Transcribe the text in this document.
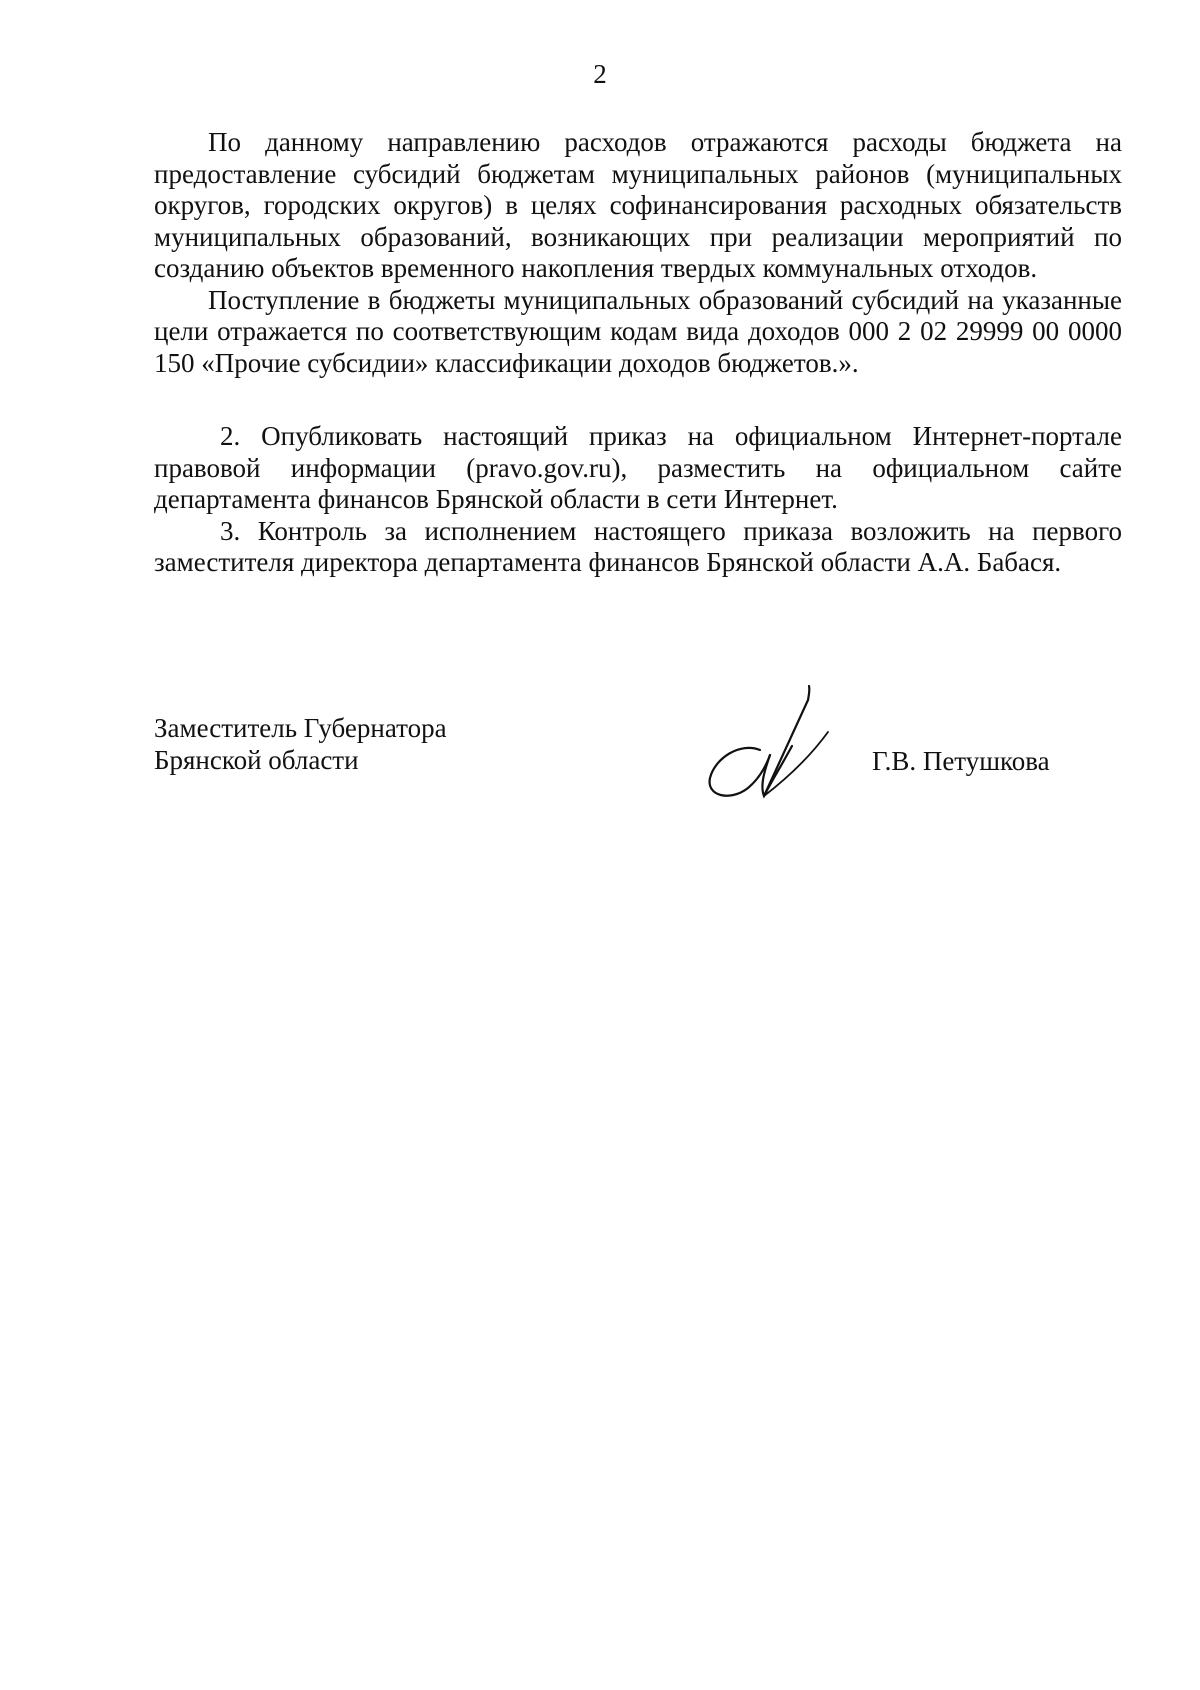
2

По данному направлению расходов отражаются расходы бюджета на предоставление субсидий бюджетам муниципальных районов (муниципальных округов, городских округов) в целях софинансирования расходных обязательств муниципальных образований, возникающих при реализации мероприятий по созданию объектов временного накопления твердых коммунальных отходов.

Поступление в бюджеты муниципальных образований субсидий на указанные цели отражается по соответствующим кодам вида доходов 000 2 02 29999 00 0000 150 «Прочие субсидии» классификации доходов бюджетов.».

2. Опубликовать настоящий приказ на официальном Интернет-портале правовой информации (pravo.gov.ru), разместить на официальном сайте департамента финансов Брянской области в сети Интернет.

3. Контроль за исполнением настоящего приказа возложить на первого заместителя директора департамента финансов Брянской области А.А. Бабася.

Заместитель Губернатора
Брянской области	Г.В. Петушкова
